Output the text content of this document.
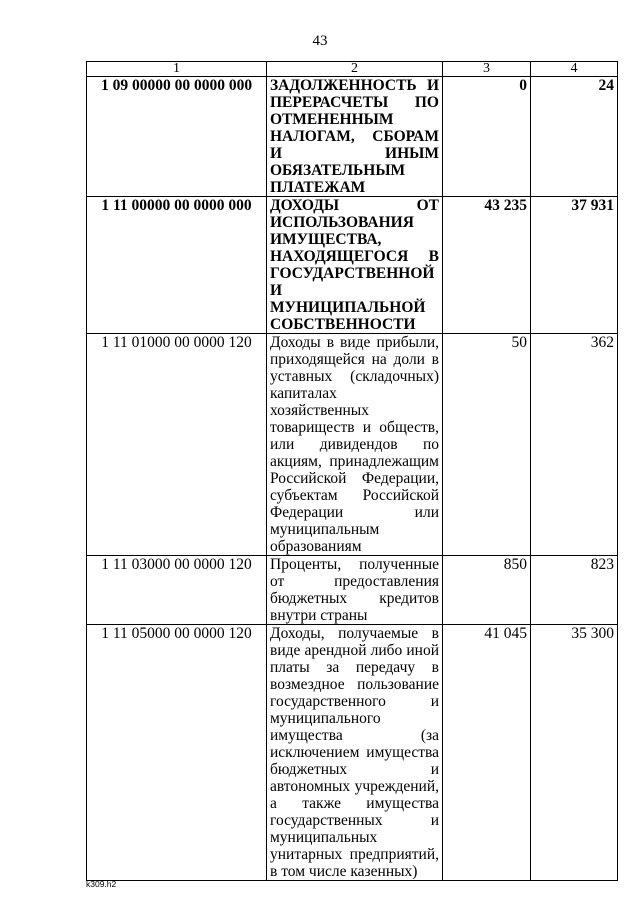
43
1	2	3	4
1 09 00000 00 0000 000	ЗАДОЛЖЕННОСТЬ И ПЕРЕРАСЧЕТЫ ПО ОТМЕНЕННЫМ НАЛОГАМ, СБОРАМ И ИНЫМ ОБЯЗАТЕЛЬНЫМ ПЛАТЕЖАМ	0	24
1 11 00000 00 0000 000	ДОХОДЫ ОТ ИСПОЛЬЗОВАНИЯ ИМУЩЕСТВА, НАХОДЯЩЕГОСЯ В ГОСУДАРСТВЕННОЙ И МУНИЦИПАЛЬНОЙ СОБСТВЕННОСТИ	43 235	37 931
1 11 01000 00 0000 120	Доходы в виде прибыли, приходящейся на доли в уставных (складочных) капиталах хозяйственных товариществ и обществ, или дивидендов по акциям, принадлежащим Российской Федерации, субъектам Российской Федерации или муниципальным образованиям	50	362
1 11 03000 00 0000 120	Проценты, полученные от предоставления бюджетных кредитов внутри страны	850	823
1 11 05000 00 0000 120	Доходы, получаемые в виде арендной либо иной платы за передачу в возмездное пользование государственного и муниципального имущества (за исключением имущества бюджетных и автономных учреждений, а также имущества государственных и муниципальных унитарных предприятий, в том числе казенных)	41 045	35 300
k309.h2
